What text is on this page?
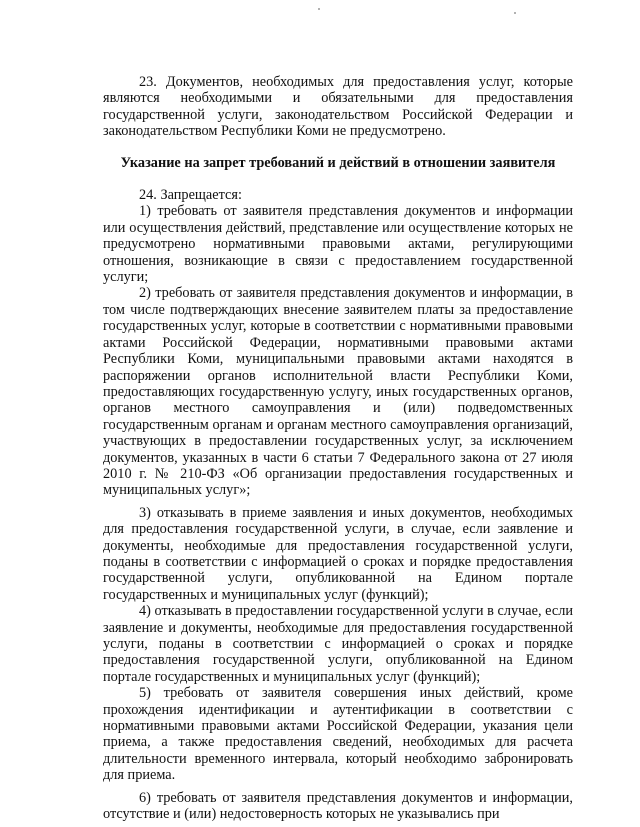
23. Документов, необходимых для предоставления услуг, которые являются необходимыми и обязательными для предоставления государственной услуги, законодательством Российской Федерации и законодательством Республики Коми не предусмотрено.

Указание на запрет требований и действий в отношении заявителя

24. Запрещается:

1) требовать от заявителя представления документов и информации или осуществления действий, представление или осуществление которых не предусмотрено нормативными правовыми актами, регулирующими отношения, возникающие в связи с предоставлением государственной услуги;

2) требовать от заявителя представления документов и информации, в том числе подтверждающих внесение заявителем платы за предоставление государственных услуг, которые в соответствии с нормативными правовыми актами Российской Федерации, нормативными правовыми актами Республики Коми, муниципальными правовыми актами находятся в распоряжении органов исполнительной власти Республики Коми, предоставляющих государственную услугу, иных государственных органов, органов местного самоуправления и (или) подведомственных государственным органам и органам местного самоуправления организаций, участвующих в предоставлении государственных услуг, за исключением документов, указанных в части 6 статьи 7 Федерального закона от 27 июля 2010 г. № 210-ФЗ «Об организации предоставления государственных и муниципальных услуг»;

3) отказывать в приеме заявления и иных документов, необходимых для предоставления государственной услуги, в случае, если заявление и документы, необходимые для предоставления государственной услуги, поданы в соответствии с информацией о сроках и порядке предоставления государственной услуги, опубликованной на Едином портале государственных и муниципальных услуг (функций);

4) отказывать в предоставлении государственной услуги в случае, если заявление и документы, необходимые для предоставления государственной услуги, поданы в соответствии с информацией о сроках и порядке предоставления государственной услуги, опубликованной на Едином портале государственных и муниципальных услуг (функций);

5) требовать от заявителя совершения иных действий, кроме прохождения идентификации и аутентификации в соответствии с нормативными правовыми актами Российской Федерации, указания цели приема, а также предоставления сведений, необходимых для расчета длительности временного интервала, который необходимо забронировать для приема.

6) требовать от заявителя представления документов и информации, отсутствие и (или) недостоверность которых не указывались при
